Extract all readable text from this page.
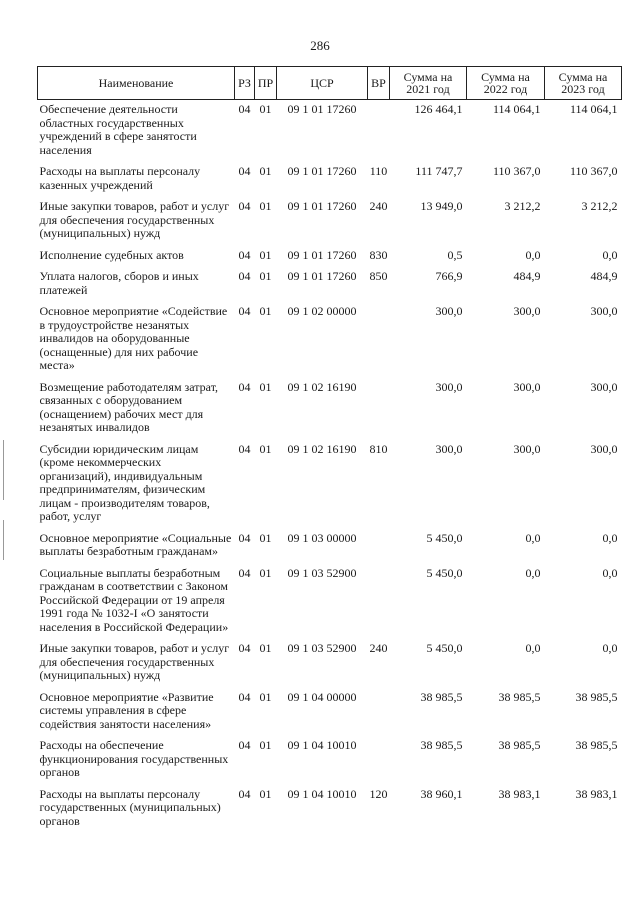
286
Наименование	РЗ	ПР	ЦСР	ВР	Сумма на 2021 год	Сумма на 2022 год	Сумма на 2023 год
Обеспечение деятельности областных государственных учреждений в сфере занятости населения	04	01	09 1 01 17260		126 464,1	114 064,1	114 064,1
Расходы на выплаты персоналу казенных учреждений	04	01	09 1 01 17260	110	111 747,7	110 367,0	110 367,0
Иные закупки товаров, работ и услуг для обеспечения государственных (муниципальных) нужд	04	01	09 1 01 17260	240	13 949,0	3 212,2	3 212,2
Исполнение судебных актов	04	01	09 1 01 17260	830	0,5	0,0	0,0
Уплата налогов, сборов и иных платежей	04	01	09 1 01 17260	850	766,9	484,9	484,9
Основное мероприятие «Содействие в трудоустройстве незанятых инвалидов на оборудованные (оснащенные) для них рабочие места»	04	01	09 1 02 00000		300,0	300,0	300,0
Возмещение работодателям затрат, связанных с оборудованием (оснащением) рабочих мест для незанятых инвалидов	04	01	09 1 02 16190		300,0	300,0	300,0
Субсидии юридическим лицам (кроме некоммерческих организаций), индивидуальным предпринимателям, физическим лицам - производителям товаров, работ, услуг	04	01	09 1 02 16190	810	300,0	300,0	300,0
Основное мероприятие «Социальные выплаты безработным гражданам»	04	01	09 1 03 00000		5 450,0	0,0	0,0
Социальные выплаты безработным гражданам в соответствии с Законом Российской Федерации от 19 апреля 1991 года № 1032-I «О занятости населения в Российской Федерации»	04	01	09 1 03 52900		5 450,0	0,0	0,0
Иные закупки товаров, работ и услуг для обеспечения государственных (муниципальных) нужд	04	01	09 1 03 52900	240	5 450,0	0,0	0,0
Основное мероприятие «Развитие системы управления в сфере содействия занятости населения»	04	01	09 1 04 00000		38 985,5	38 985,5	38 985,5
Расходы на обеспечение функционирования государственных органов	04	01	09 1 04 10010		38 985,5	38 985,5	38 985,5
Расходы на выплаты персоналу государственных (муниципальных) органов	04	01	09 1 04 10010	120	38 960,1	38 983,1	38 983,1
